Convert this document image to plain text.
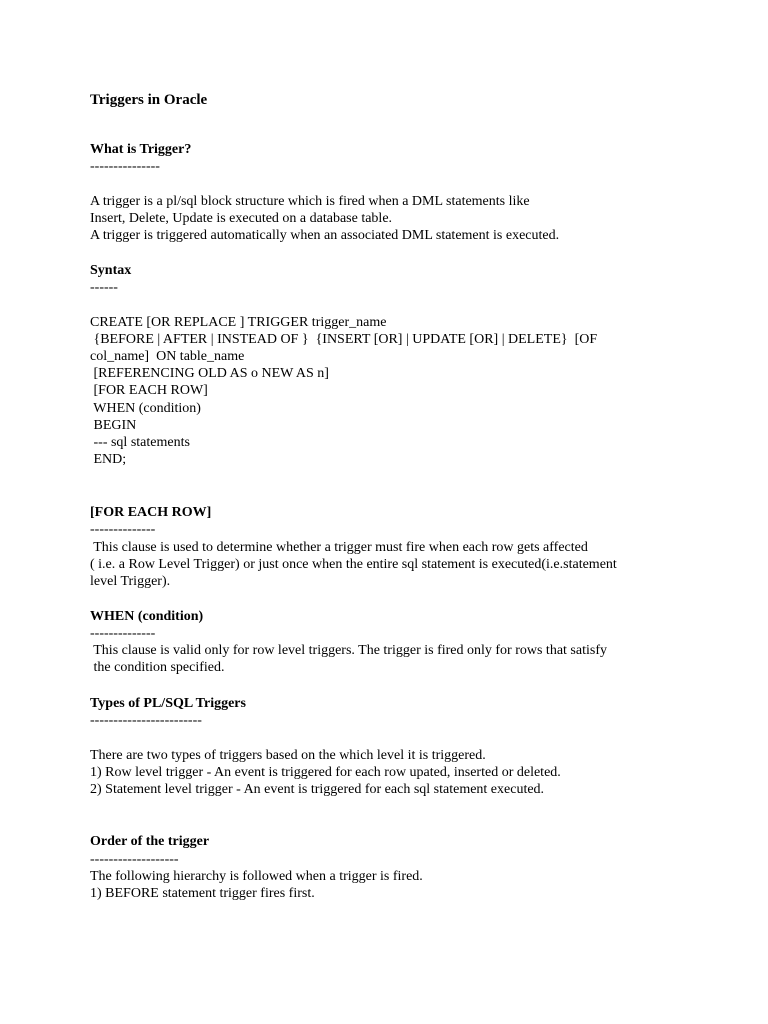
Triggers in Oracle
What is Trigger?
---------------
A trigger is a pl/sql block structure which is fired when a DML statements like
Insert, Delete, Update is executed on a database table.
A trigger is triggered automatically when an associated DML statement is executed.
Syntax
------
CREATE [OR REPLACE ] TRIGGER trigger_name
{BEFORE | AFTER | INSTEAD OF }  {INSERT [OR] | UPDATE [OR] | DELETE}  [OF
col_name]  ON table_name
[REFERENCING OLD AS o NEW AS n]
[FOR EACH ROW]
WHEN (condition)
BEGIN
--- sql statements
END;
[FOR EACH ROW]
--------------
This clause is used to determine whether a trigger must fire when each row gets affected
( i.e. a Row Level Trigger) or just once when the entire sql statement is executed(i.e.statement
level Trigger).
WHEN (condition)
--------------
This clause is valid only for row level triggers. The trigger is fired only for rows that satisfy
the condition specified.
Types of PL/SQL Triggers
------------------------
There are two types of triggers based on the which level it is triggered.
1) Row level trigger - An event is triggered for each row upated, inserted or deleted.
2) Statement level trigger - An event is triggered for each sql statement executed.
Order of the trigger
-------------------
The following hierarchy is followed when a trigger is fired.
1) BEFORE statement trigger fires first.
